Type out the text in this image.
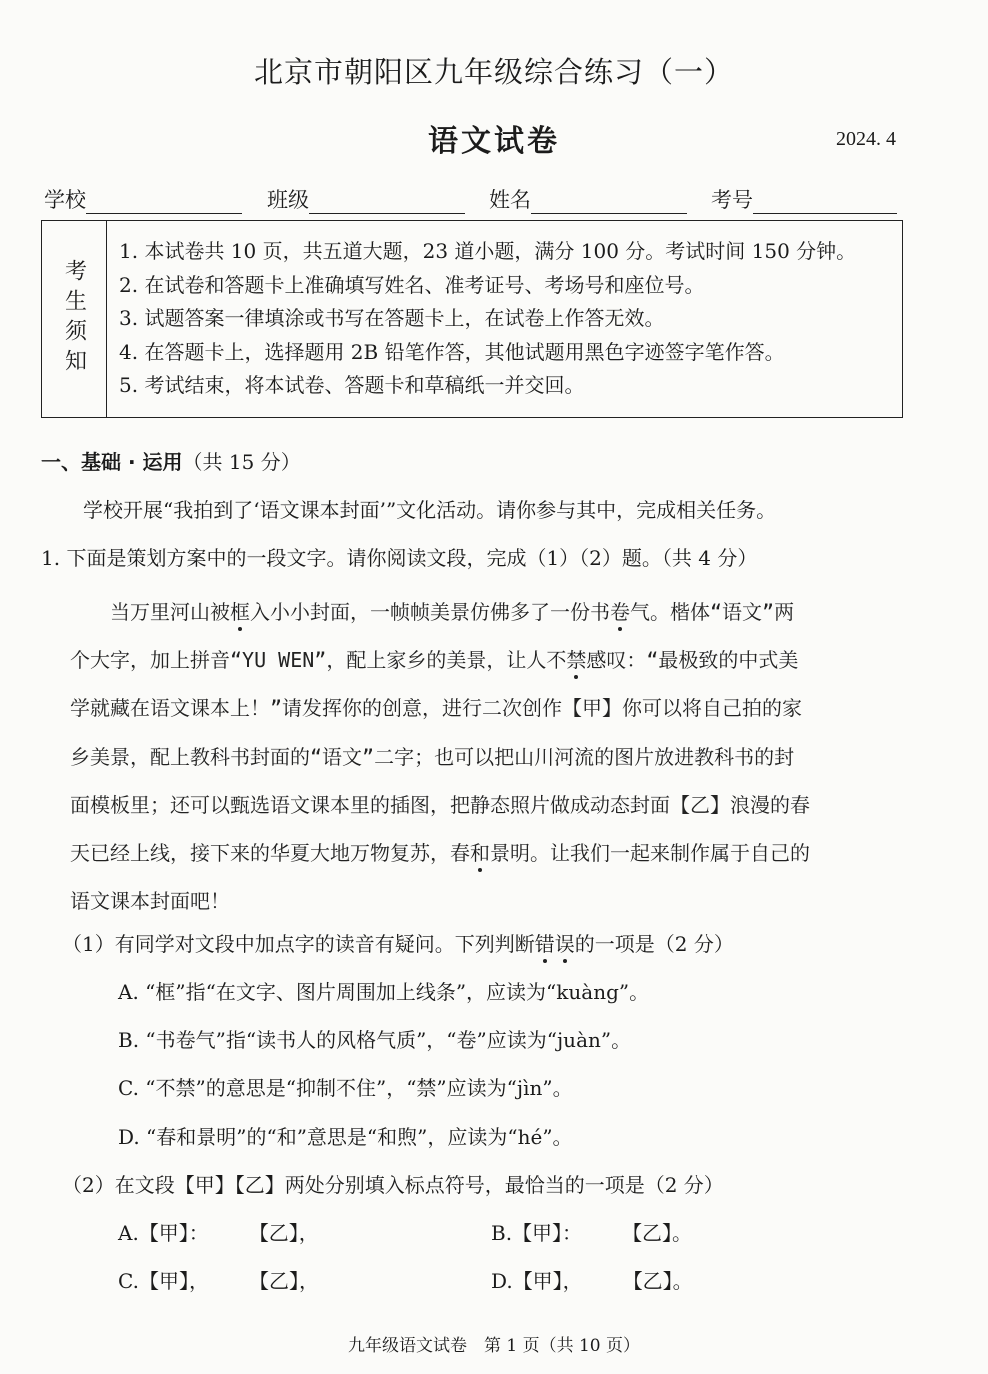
北京市朝阳区九年级综合练习（一）
语文试卷	2024. 4
学校	班级	姓名	考号
考生须知
1. 本试卷共 10 页，共五道大题，23 道小题，满分 100 分。考试时间 150 分钟。
2. 在试卷和答题卡上准确填写姓名、准考证号、考场号和座位号。
3. 试题答案一律填涂或书写在答题卡上，在试卷上作答无效。
4. 在答题卡上，选择题用 2B 铅笔作答，其他试题用黑色字迹签字笔作答。
5. 考试结束，将本试卷、答题卡和草稿纸一并交回。
一、基础 · 运用（共 15 分）
学校开展“我拍到了‘语文课本封面’”文化活动。请你参与其中，完成相关任务。
1. 下面是策划方案中的一段文字。请你阅读文段，完成（1）（2）题。（共 4 分）

当万里河山被框入小小封面，一帧帧美景仿佛多了一份书卷气。楷体“语文”两

个大字，加上拼音“YU WEN”，配上家乡的美景，让人不禁感叹：“最极致的中式美

学就藏在语文课本上！”请发挥你的创意，进行二次创作【甲】你可以将自己拍的家

乡美景，配上教科书封面的“语文”二字；也可以把山川河流的图片放进教科书的封

面模板里；还可以甄选语文课本里的插图，把静态照片做成动态封面【乙】浪漫的春

天已经上线，接下来的华夏大地万物复苏，春和景明。让我们一起来制作属于自己的

语文课本封面吧！

（1）有同学对文段中加点字的读音有疑问。下列判断错误的一项是（2 分）
A. “框”指“在文字、图片周围加上线条”，应读为“kuàng”。
B. “书卷气”指“读书人的风格气质”，“卷”应读为“juàn”。
C. “不禁”的意思是“抑制不住”，“禁”应读为“jìn”。
D. “春和景明”的“和”意思是“和煦”，应读为“hé”。
（2）在文段【甲】【乙】两处分别填入标点符号，最恰当的一项是（2 分）
A.【甲】： 【乙】，	B.【甲】： 【乙】。
C.【甲】， 【乙】，	D.【甲】， 【乙】。
九年级语文试卷　第 1 页（共 10 页）
